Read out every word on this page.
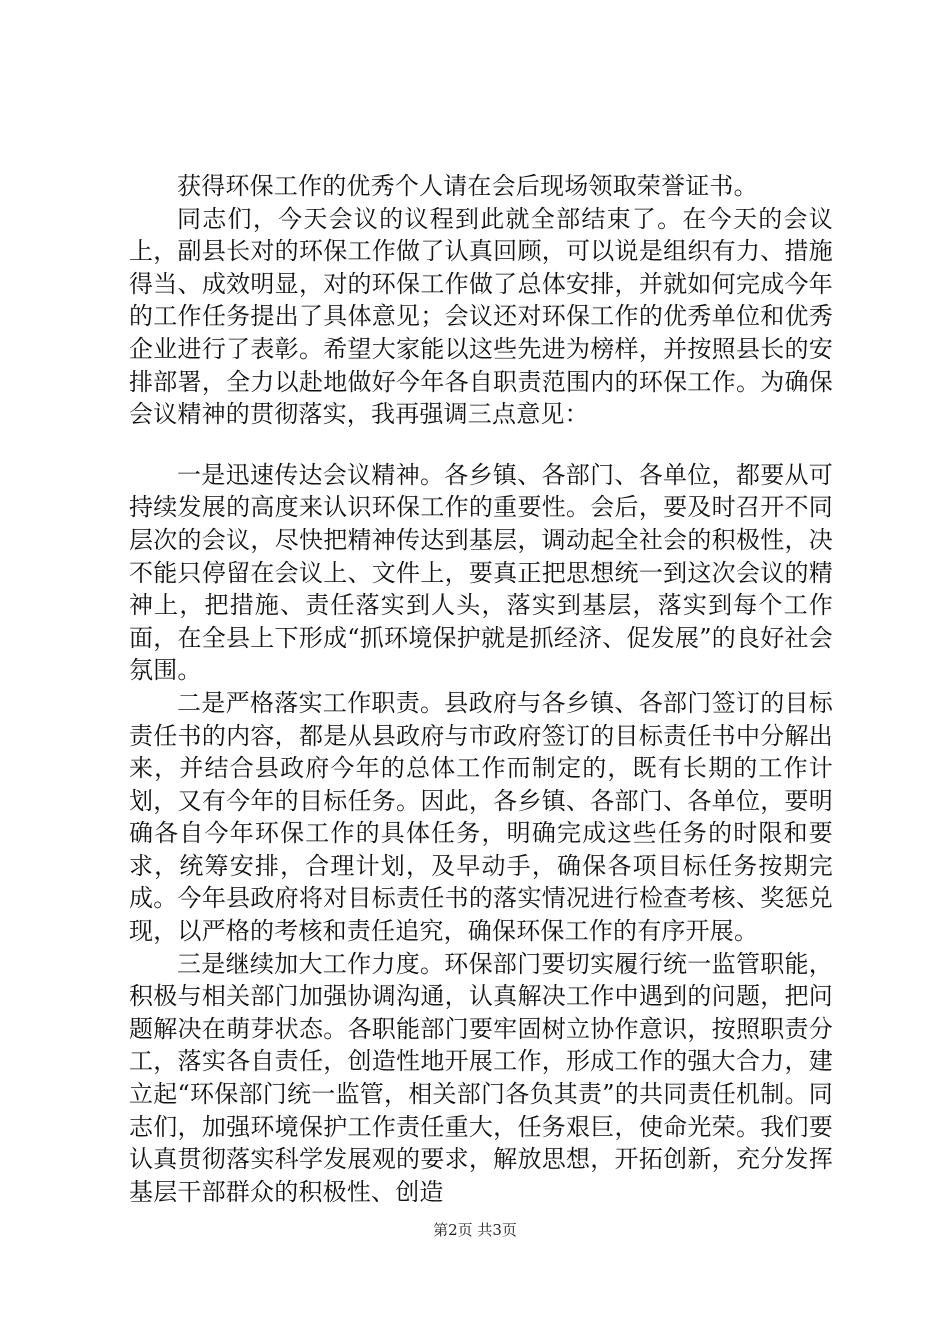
获得环保工作的优秀个人请在会后现场领取荣誉证书。

同志们，今天会议的议程到此就全部结束了。在今天的会议上，副县长对的环保工作做了认真回顾，可以说是组织有力、措施得当、成效明显，对的环保工作做了总体安排，并就如何完成今年的工作任务提出了具体意见；会议还对环保工作的优秀单位和优秀企业进行了表彰。希望大家能以这些先进为榜样，并按照县长的安排部署，全力以赴地做好今年各自职责范围内的环保工作。为确保会议精神的贯彻落实，我再强调三点意见：

一是迅速传达会议精神。各乡镇、各部门、各单位，都要从可持续发展的高度来认识环保工作的重要性。会后，要及时召开不同层次的会议，尽快把精神传达到基层，调动起全社会的积极性，决不能只停留在会议上、文件上，要真正把思想统一到这次会议的精神上，把措施、责任落实到人头，落实到基层，落实到每个工作面，在全县上下形成“抓环境保护就是抓经济、促发展”的良好社会氛围。

二是严格落实工作职责。县政府与各乡镇、各部门签订的目标责任书的内容，都是从县政府与市政府签订的目标责任书中分解出来，并结合县政府今年的总体工作而制定的，既有长期的工作计划，又有今年的目标任务。因此，各乡镇、各部门、各单位，要明确各自今年环保工作的具体任务，明确完成这些任务的时限和要求，统筹安排，合理计划，及早动手，确保各项目标任务按期完成。今年县政府将对目标责任书的落实情况进行检查考核、奖惩兑现，以严格的考核和责任追究，确保环保工作的有序开展。

三是继续加大工作力度。环保部门要切实履行统一监管职能，积极与相关部门加强协调沟通，认真解决工作中遇到的问题，把问题解决在萌芽状态。各职能部门要牢固树立协作意识，按照职责分工，落实各自责任，创造性地开展工作，形成工作的强大合力，建立起“环保部门统一监管，相关部门各负其责”的共同责任机制。同志们，加强环境保护工作责任重大，任务艰巨，使命光荣。我们要认真贯彻落实科学发展观的要求，解放思想，开拓创新，充分发挥基层干部群众的积极性、创造

第2页 共3页
